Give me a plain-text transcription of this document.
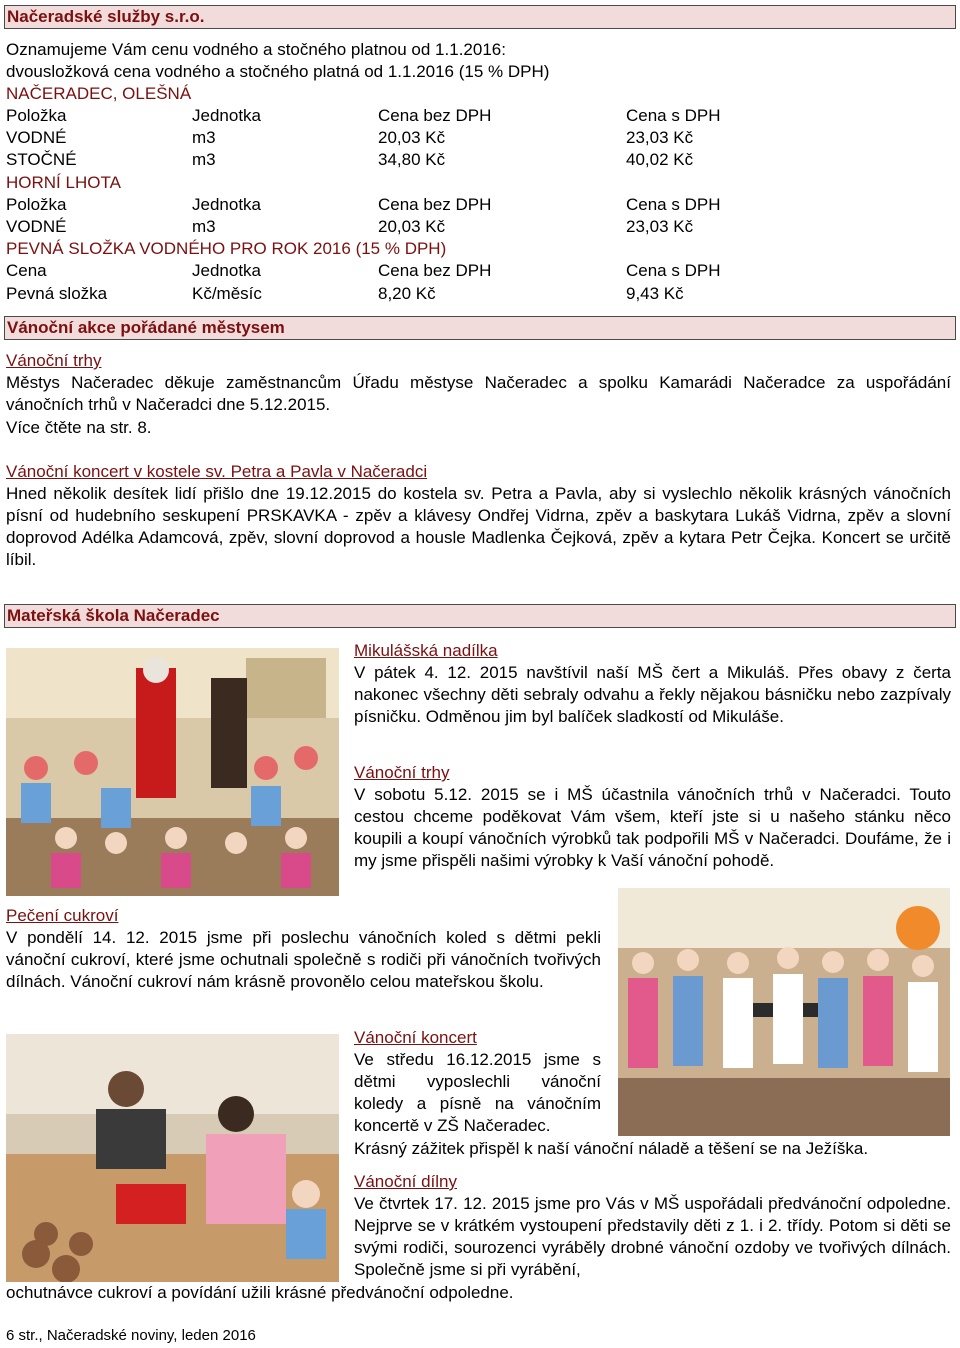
Načeradské služby s.r.o.
Oznamujeme Vám cenu vodného a stočného platnou od 1.1.2016:
dvousložková cena vodného a stočného platná od 1.1.2016 (15 % DPH)
NAČERADEC, OLEŠNÁ
Položka	Jednotka	Cena bez DPH	Cena s DPH
VODNÉ	m3	20,03 Kč	23,03 Kč
STOČNÉ	m3	34,80 Kč	40,02 Kč
HORNÍ LHOTA
Položka	Jednotka	Cena bez DPH	Cena s DPH
VODNÉ	m3	20,03 Kč	23,03 Kč
PEVNÁ SLOŽKA VODNÉHO PRO ROK 2016 (15 % DPH)
Cena	Jednotka	Cena bez DPH	Cena s DPH
Pevná složka	Kč/měsíc	8,20 Kč	9,43 Kč
Vánoční akce pořádané městysem
Vánoční trhy
Městys Načeradec děkuje zaměstnancům Úřadu městyse Načeradec a spolku Kamarádi Načeradce za uspořádání vánočních trhů v Načeradci dne 5.12.2015.
Více čtěte na str. 8.
Vánoční koncert v kostele sv. Petra a Pavla v Načeradci
Hned několik desítek lidí přišlo dne 19.12.2015 do kostela sv. Petra a Pavla, aby si vyslechlo několik krásných vánočních písní od hudebního seskupení PRSKAVKA - zpěv a klávesy Ondřej Vidrna, zpěv a baskytara Lukáš Vidrna, zpěv a slovní doprovod Adélka Adamcová, zpěv, slovní doprovod a housle Madlenka Čejková, zpěv a kytara Petr Čejka. Koncert se určitě líbil.
Mateřská škola Načeradec
Mikulášská nadílka
V pátek 4. 12. 2015 navštívil naší MŠ čert a Mikuláš. Přes obavy z čerta nakonec všechny děti sebraly odvahu a řekly nějakou básničku nebo zazpívaly písničku. Odměnou jim byl balíček sladkostí od Mikuláše.
Vánoční trhy
V sobotu 5.12. 2015 se i MŠ účastnila vánočních trhů v Načeradci. Touto cestou chceme poděkovat Vám všem, kteří jste si u našeho stánku něco koupili a koupí vánočních výrobků tak podpořili MŠ v Načeradci. Doufáme, že i my jsme přispěli našimi výrobky k Vaší vánoční pohodě.
Pečení cukroví
V pondělí 14. 12. 2015 jsme při poslechu vánočních koled s dětmi pekli vánoční cukroví, které jsme ochutnali společně s rodiči při vánočních tvořivých dílnách. Vánoční cukroví nám krásně provonělo celou mateřskou školu.
Vánoční koncert
Ve středu 16.12.2015 jsme s dětmi vyposlechli vánoční koledy a písně na vánočním koncertě v ZŠ Načeradec.
Krásný zážitek přispěl k naší vánoční náladě a těšení se na Ježíška.
Vánoční dílny
Ve čtvrtek 17. 12. 2015 jsme pro Vás v MŠ uspořádali předvánoční odpoledne. Nejprve se v krátkém vystoupení představily děti z 1. i 2. třídy. Potom si děti se svými rodiči, sourozenci vyráběly drobné vánoční ozdoby ve tvořivých dílnách. Společně jsme si při vyrábění,
ochutnávce cukroví a povídání užili krásné předvánoční odpoledne.
6 str., Načeradské noviny, leden 2016
